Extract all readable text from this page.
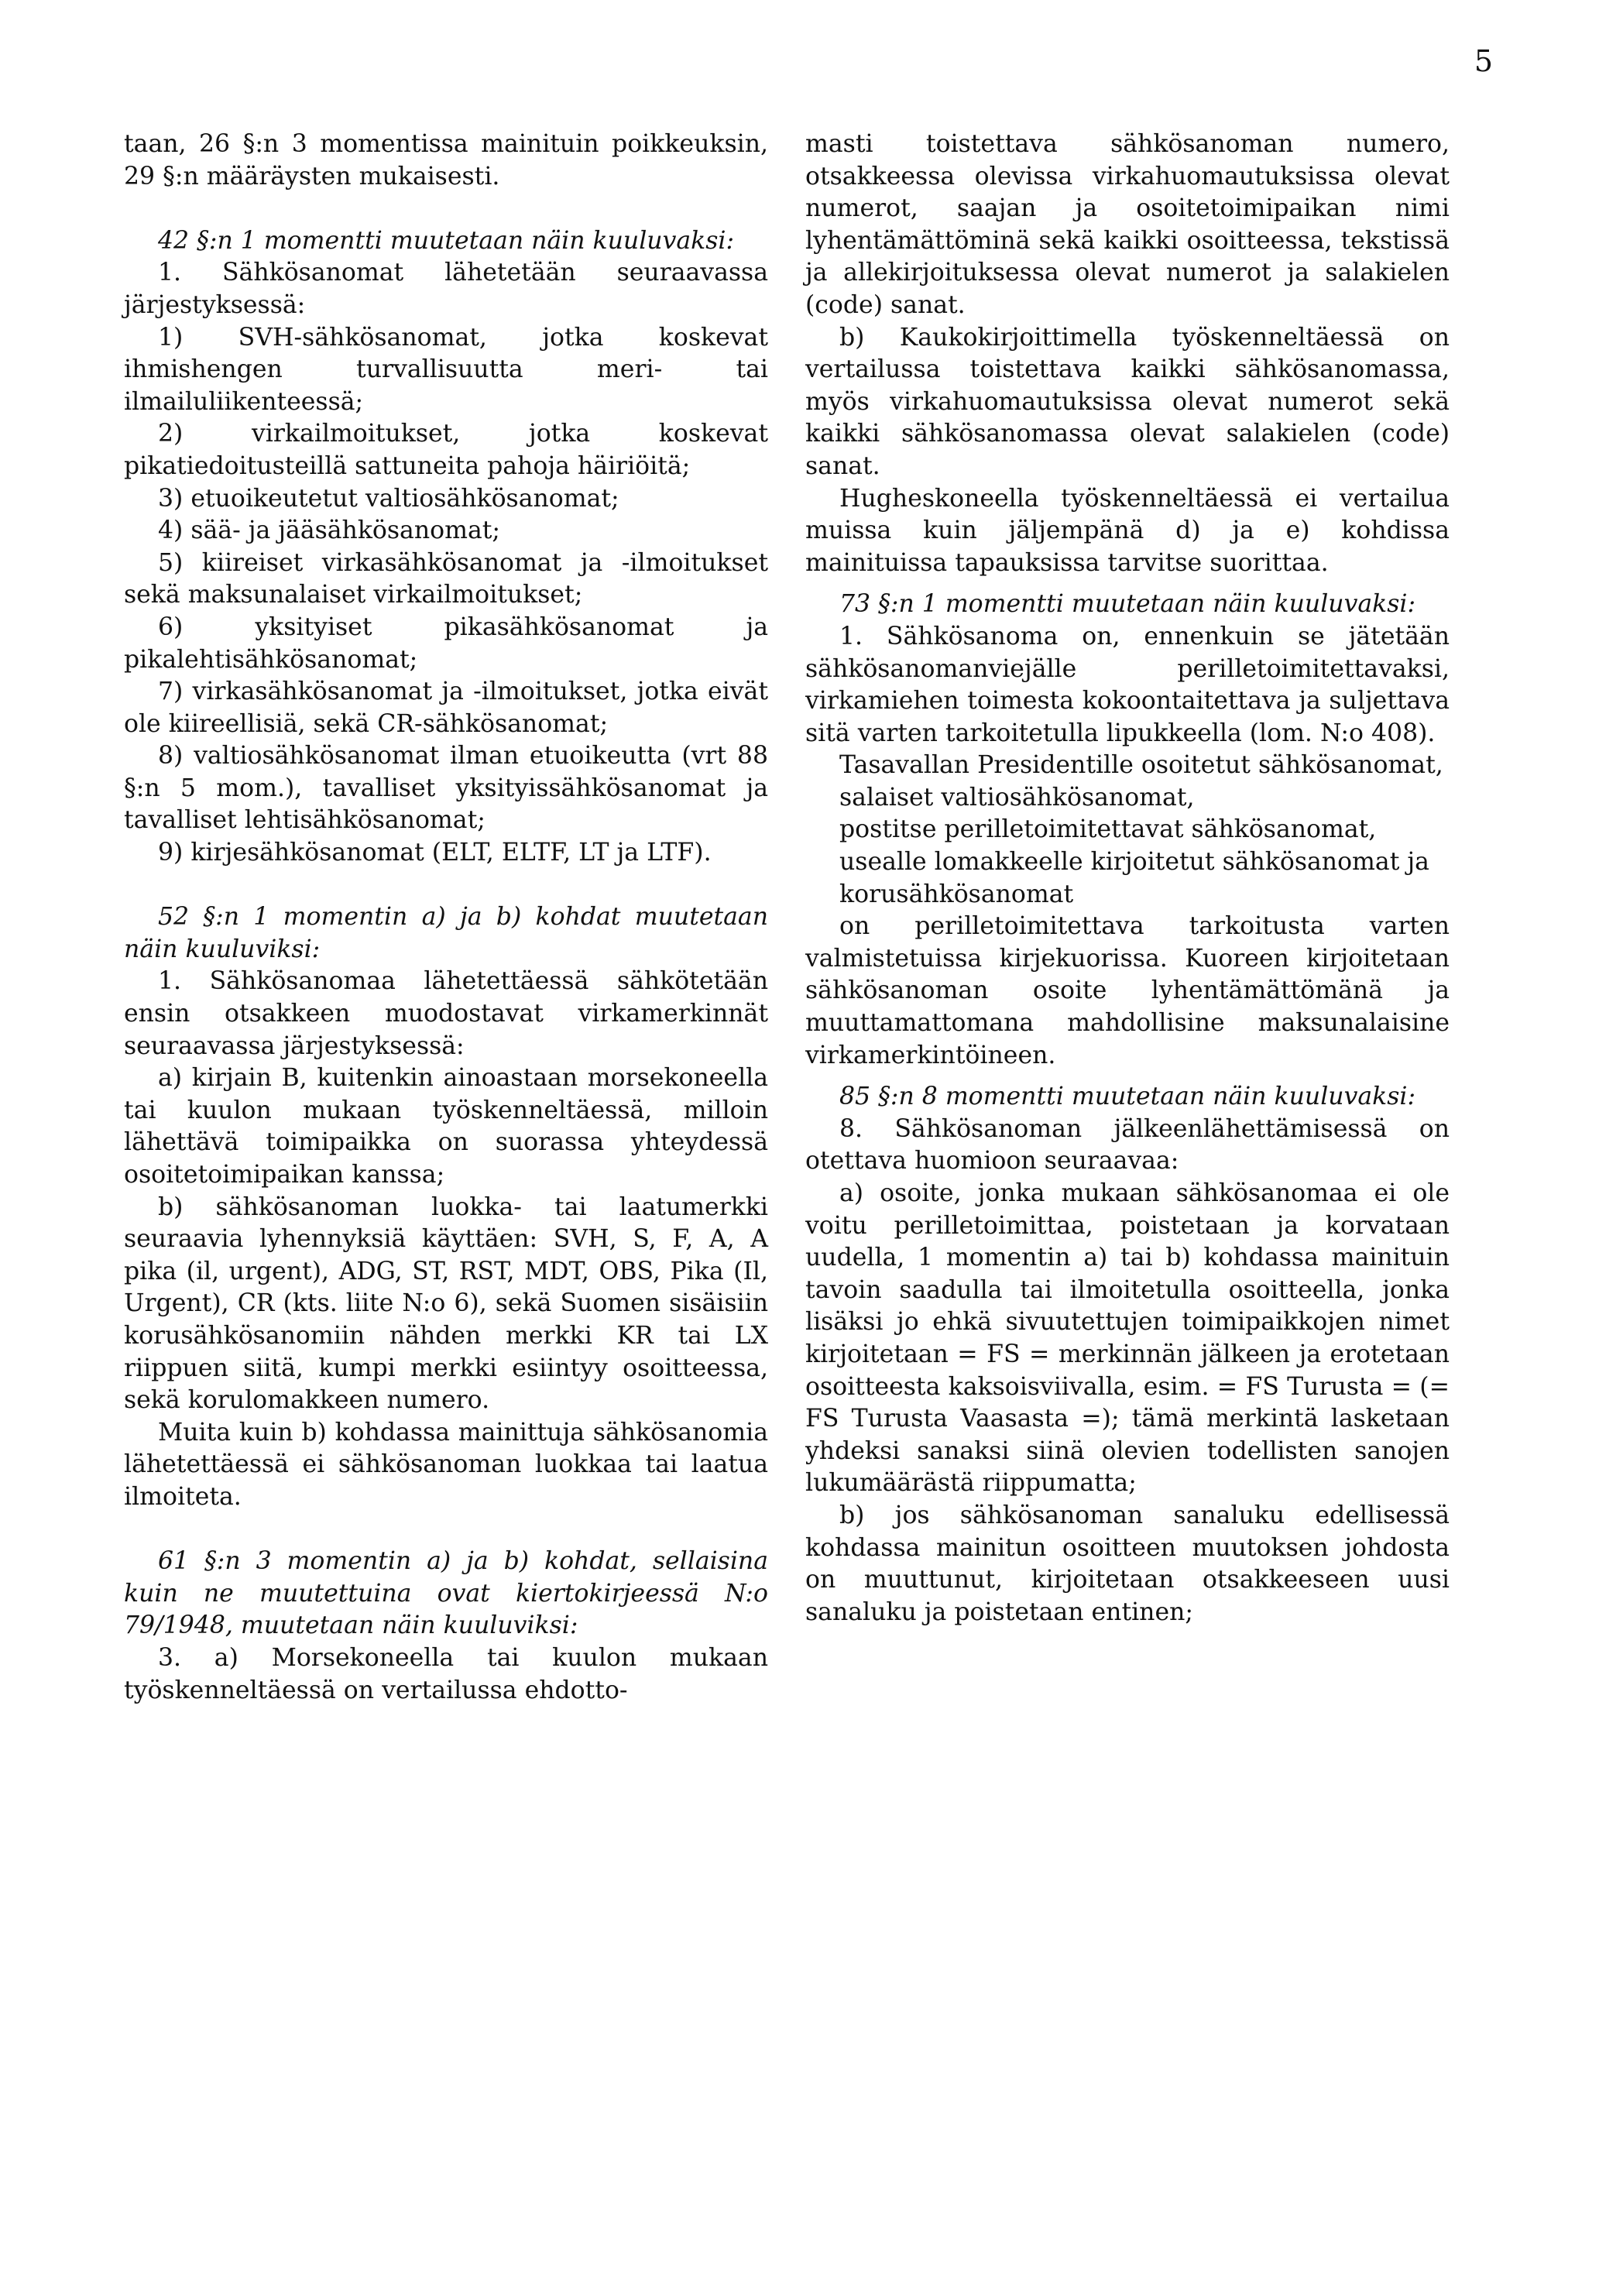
5

taan, 26 §:n 3 momentissa mainituin poikkeuksin, 29 §:n määräysten mukaisesti.

42 §:n 1 momentti muutetaan näin kuuluvaksi:

1. Sähkösanomat lähetetään seuraavassa järjestyksessä:

1) SVH-sähkösanomat, jotka koskevat ihmishengen turvallisuutta meri- tai ilmailuliikenteessä;

2) virkailmoitukset, jotka koskevat pikatiedoitusteillä sattuneita pahoja häiriöitä;

3) etuoikeutetut valtiosähkösanomat;

4) sää- ja jääsähkösanomat;

5) kiireiset virkasähkösanomat ja -ilmoitukset sekä maksunalaiset virkailmoitukset;

6) yksityiset pikasähkösanomat ja pikalehtisähkösanomat;

7) virkasähkösanomat ja -ilmoitukset, jotka eivät ole kiireellisiä, sekä CR-sähkösanomat;

8) valtiosähkösanomat ilman etuoikeutta (vrt 88 §:n 5 mom.), tavalliset yksityissähkösanomat ja tavalliset lehtisähkösanomat;

9) kirjesähkösanomat (ELT, ELTF, LT ja LTF).

52 §:n 1 momentin a) ja b) kohdat muutetaan näin kuuluviksi:

1. Sähkösanomaa lähetettäessä sähkötetään ensin otsakkeen muodostavat virkamerkinnät seuraavassa järjestyksessä:

a) kirjain B, kuitenkin ainoastaan morsekoneella tai kuulon mukaan työskenneltäessä, milloin lähettävä toimipaikka on suorassa yhteydessä osoitetoimipaikan kanssa;

b) sähkösanoman luokka- tai laatumerkki seuraavia lyhennyksiä käyttäen: SVH, S, F, A, A pika (il, urgent), ADG, ST, RST, MDT, OBS, Pika (Il, Urgent), CR (kts. liite N:o 6), sekä Suomen sisäisiin korusähkösanomiin nähden merkki KR tai LX riippuen siitä, kumpi merkki esiintyy osoitteessa, sekä korulomakkeen numero.

Muita kuin b) kohdassa mainittuja sähkösanomia lähetettäessä ei sähkösanoman luokkaa tai laatua ilmoiteta.

61 §:n 3 momentin a) ja b) kohdat, sellaisina kuin ne muutettuina ovat kiertokirjeessä N:o 79/1948, muutetaan näin kuuluviksi:

3. a) Morsekoneella tai kuulon mukaan työskenneltäessä on vertailussa ehdotto-

masti toistettava sähkösanoman numero, otsakkeessa olevissa virkahuomautuksissa olevat numerot, saajan ja osoitetoimipaikan nimi lyhentämättöminä sekä kaikki osoitteessa, tekstissä ja allekirjoituksessa olevat numerot ja salakielen (code) sanat.

b) Kaukokirjoittimella työskenneltäessä on vertailussa toistettava kaikki sähkösanomassa, myös virkahuomautuksissa olevat numerot sekä kaikki sähkösanomassa olevat salakielen (code) sanat.

Hugheskoneella työskenneltäessä ei vertailua muissa kuin jäljempänä d) ja e) kohdissa mainituissa tapauksissa tarvitse suorittaa.

73 §:n 1 momentti muutetaan näin kuuluvaksi:

1. Sähkösanoma on, ennenkuin se jätetään sähkösanomanviejälle perilletoimitettavaksi, virkamiehen toimesta kokoontaitettava ja suljettava sitä varten tarkoitetulla lipukkeella (lom. N:o 408).

Tasavallan Presidentille osoitetut sähkösanomat,

salaiset valtiosähkösanomat,

postitse perilletoimitettavat sähkösanomat,

usealle lomakkeelle kirjoitetut sähkösanomat ja

korusähkösanomat

on perilletoimitettava tarkoitusta varten valmistetuissa kirjekuorissa. Kuoreen kirjoitetaan sähkösanoman osoite lyhentämättömänä ja muuttamattomana mahdollisine maksunalaisine virkamerkintöineen.

85 §:n 8 momentti muutetaan näin kuuluvaksi:

8. Sähkösanoman jälkeenlähettämisessä on otettava huomioon seuraavaa:

a) osoite, jonka mukaan sähkösanomaa ei ole voitu perilletoimittaa, poistetaan ja korvataan uudella, 1 momentin a) tai b) kohdassa mainituin tavoin saadulla tai ilmoitetulla osoitteella, jonka lisäksi jo ehkä sivuutettujen toimipaikkojen nimet kirjoitetaan = FS = merkinnän jälkeen ja erotetaan osoitteesta kaksoisviivalla, esim. = FS Turusta = (= FS Turusta Vaasasta =); tämä merkintä lasketaan yhdeksi sanaksi siinä olevien todellisten sanojen lukumäärästä riippumatta;

b) jos sähkösanoman sanaluku edellisessä kohdassa mainitun osoitteen muutoksen johdosta on muuttunut, kirjoitetaan otsakkeeseen uusi sanaluku ja poistetaan entinen;
